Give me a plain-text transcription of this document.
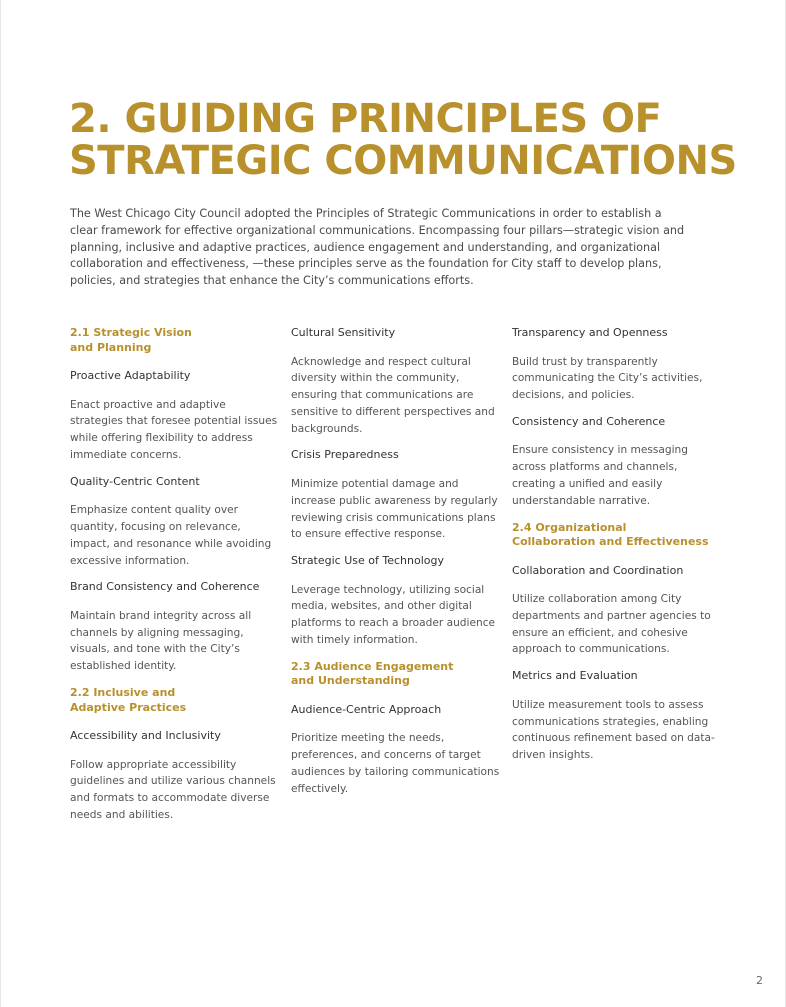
2. GUIDING PRINCIPLES OF
STRATEGIC COMMUNICATIONS

The West Chicago City Council adopted the Principles of Strategic Communications in order to establish a clear framework for effective organizational communications. Encompassing four pillars—strategic vision and planning, inclusive and adaptive practices, audience engagement and understanding, and organizational collaboration and effectiveness, —these principles serve as the foundation for City staff to develop plans, policies, and strategies that enhance the City’s communications efforts.

2.1 Strategic Vision
and Planning
Proactive Adaptability
Enact proactive and adaptive strategies that foresee potential issues while offering flexibility to address immediate concerns.
Quality-Centric Content
Emphasize content quality over quantity, focusing on relevance, impact, and resonance while avoiding excessive information.
Brand Consistency and Coherence
Maintain brand integrity across all channels by aligning messaging, visuals, and tone with the City’s established identity.
2.2 Inclusive and
Adaptive Practices
Accessibility and Inclusivity
Follow appropriate accessibility guidelines and utilize various channels and formats to accommodate diverse needs and abilities.
Cultural Sensitivity
Acknowledge and respect cultural diversity within the community, ensuring that communications are sensitive to different perspectives and backgrounds.
Crisis Preparedness
Minimize potential damage and increase public awareness by regularly reviewing crisis communications plans to ensure effective response.
Strategic Use of Technology
Leverage technology, utilizing social media, websites, and other digital platforms to reach a broader audience with timely information.
2.3 Audience Engagement
and Understanding
Audience-Centric Approach
Prioritize meeting the needs, preferences, and concerns of target audiences by tailoring communications effectively.
Transparency and Openness
Build trust by transparently communicating the City’s activities, decisions, and policies.
Consistency and Coherence
Ensure consistency in messaging across platforms and channels, creating a unified and easily understandable narrative.
2.4 Organizational
Collaboration and Effectiveness
Collaboration and Coordination
Utilize collaboration among City departments and partner agencies to ensure an efficient, and cohesive approach to communications.
Metrics and Evaluation
Utilize measurement tools to assess communications strategies, enabling continuous refinement based on data-driven insights.
2
